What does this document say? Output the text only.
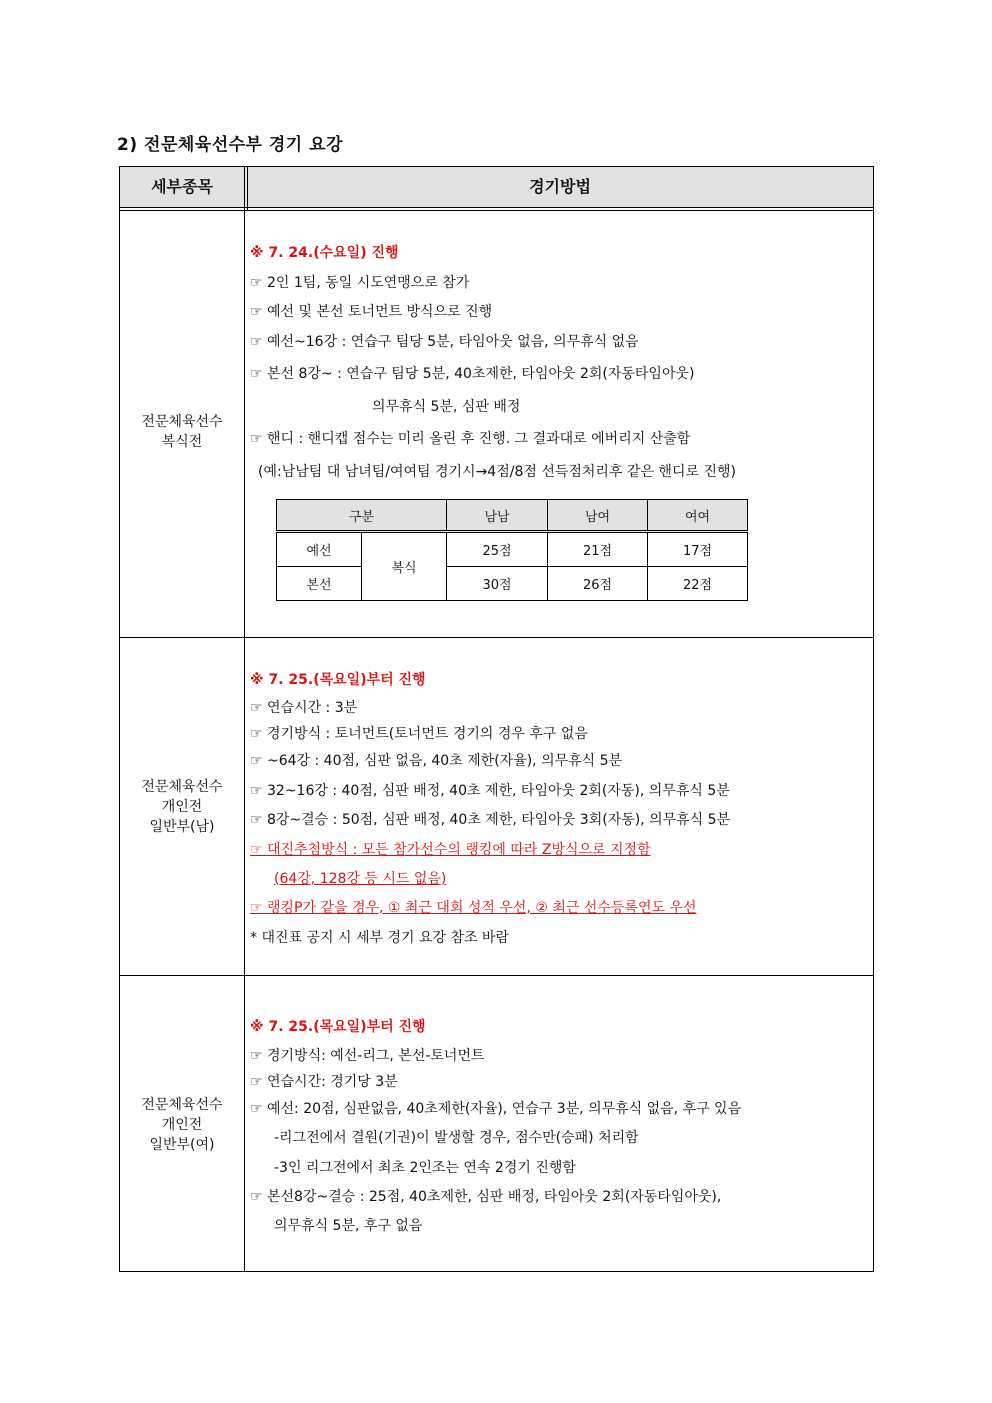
2) 전문체육선수부 경기 요강
세부종목	경기방법
전문체육선수
복식전
※ 7. 24.(수요일) 진행
☞ 2인 1팀, 동일 시도연맹으로 참가
☞ 예선 및 본선 토너먼트 방식으로 진행
☞ 예선~16강 : 연습구 팀당 5분, 타임아웃 없음, 의무휴식 없음
☞ 본선 8강~ : 연습구 팀당 5분, 40초제한, 타임아웃 2회(자동타임아웃)
의무휴식 5분, 심판 배정
☞ 핸디 : 핸디캡 점수는 미리 올린 후 진행. 그 결과대로 에버리지 산출함
(예:남남팀 대 남녀팀/여여팀 경기시→4점/8점 선득점처리후 같은 핸디로 진행)
구분		남남	남여	여여
예선	복식	25점	21점	17점
본선		30점	26점	22점
전문체육선수
개인전
일반부(남)
※ 7. 25.(목요일)부터 진행
☞ 연습시간 : 3분
☞ 경기방식 : 토너먼트(토너먼트 경기의 경우 후구 없음
☞ ~64강 : 40점, 심판 없음, 40초 제한(자율), 의무휴식 5분
☞ 32~16강 : 40점, 심판 배정, 40초 제한, 타임아웃 2회(자동), 의무휴식 5분
☞ 8강~결승 : 50점, 심판 배정, 40초 제한, 타임아웃 3회(자동), 의무휴식 5분
☞ 대진추첨방식 : 모든 참가선수의 랭킹에 따라 Z방식으로 지정함
(64강, 128강 등 시드 없음)
☞ 랭킹P가 같을 경우, ① 최근 대회 성적 우선, ② 최근 선수등록연도 우선
* 대진표 공지 시 세부 경기 요강 참조 바람
전문체육선수
개인전
일반부(여)
※ 7. 25.(목요일)부터 진행
☞ 경기방식: 예선-리그, 본선-토너먼트
☞ 연습시간: 경기당 3분
☞ 예선: 20점, 심판없음, 40초제한(자율), 연습구 3분, 의무휴식 없음, 후구 있음
-리그전에서 결원(기권)이 발생할 경우, 점수만(승패) 처리함
-3인 리그전에서 최초 2인조는 연속 2경기 진행함
☞ 본선8강~결승 : 25점, 40초제한, 심판 배정, 타임아웃 2회(자동타임아웃),
의무휴식 5분, 후구 없음
